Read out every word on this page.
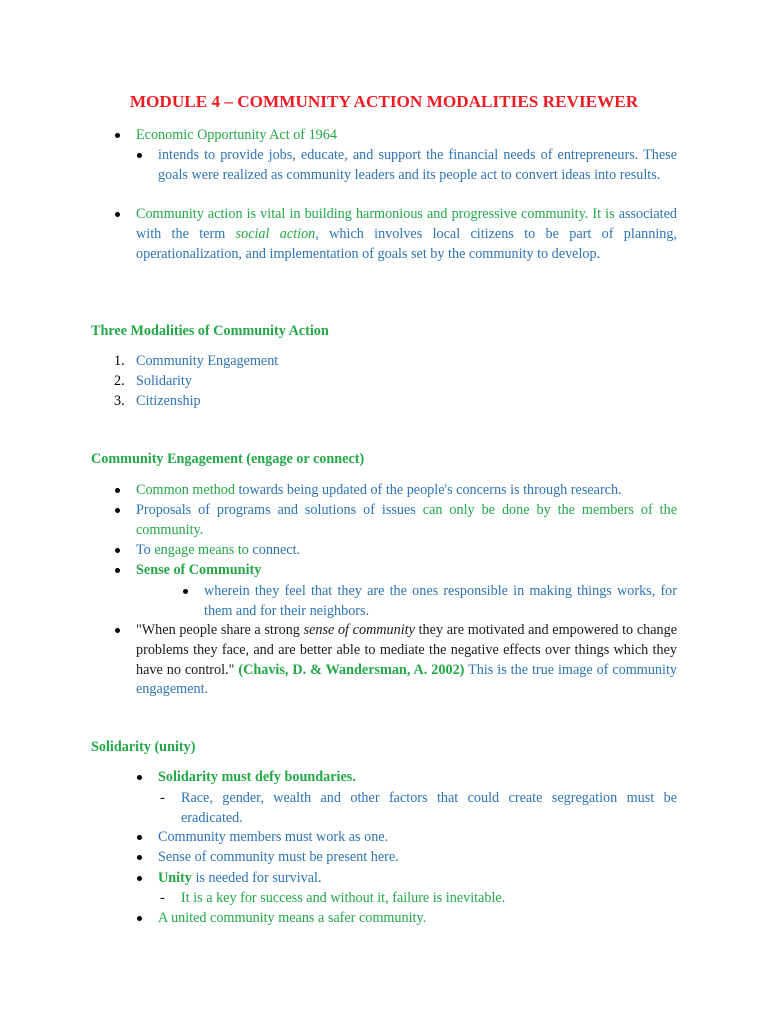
MODULE 4 – COMMUNITY ACTION MODALITIES REVIEWER

Economic Opportunity Act of 1964

intends to provide jobs, educate, and support the financial needs of entrepreneurs. These goals were realized as community leaders and its people act to convert ideas into results.

Community action is vital in building harmonious and progressive community. It is associated with the term social action, which involves local citizens to be part of planning, operationalization, and implementation of goals set by the community to develop.

Three Modalities of Community Action

1. Community Engagement
2. Solidarity
3. Citizenship

Community Engagement (engage or connect)

Common method towards being updated of the people's concerns is through research.

Proposals of programs and solutions of issues can only be done by the members of the community.

To engage means to connect.

Sense of Community

wherein they feel that they are the ones responsible in making things works, for them and for their neighbors.

"When people share a strong sense of community they are motivated and empowered to change problems they face, and are better able to mediate the negative effects over things which they have no control." (Chavis, D. & Wandersman, A. 2002) This is the true image of community engagement.

Solidarity (unity)

Solidarity must defy boundaries.

- Race, gender, wealth and other factors that could create segregation must be eradicated.

Community members must work as one.

Sense of community must be present here.

Unity is needed for survival.

- It is a key for success and without it, failure is inevitable.

A united community means a safer community.
